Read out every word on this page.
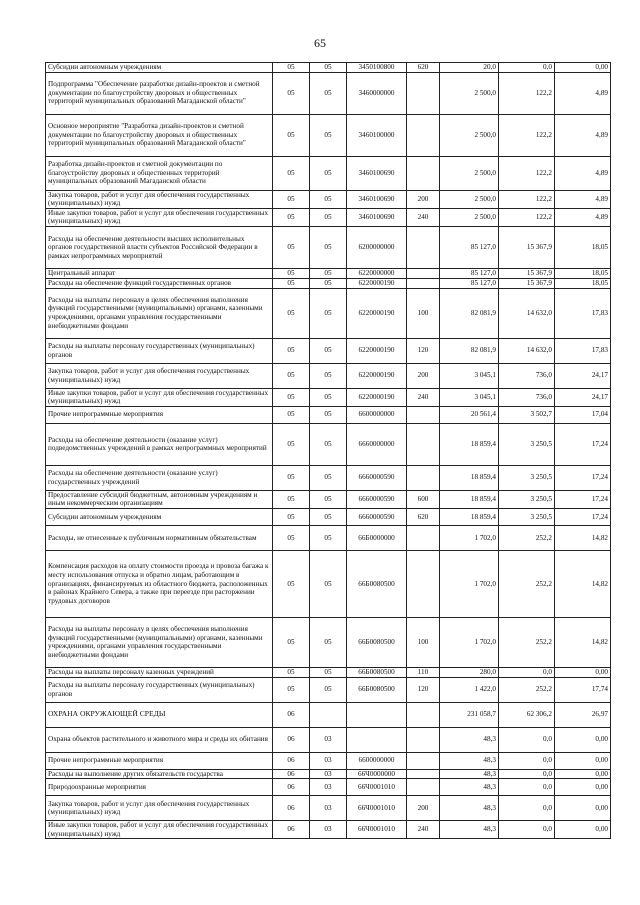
65
Субсидии автономным учреждениям	05	05	3450100800	620	20,0	0,0	0,00
Подпрограмма "Обеспечение разработки дизайн-проектов и сметной документации по благоустройству дворовых и общественных территорий муниципальных образований Магаданской области"	05	05	3460000000		2 500,0	122,2	4,89
Основное мероприятие "Разработка дизайн-проектов и сметной документации по благоустройству дворовых и общественных территорий муниципальных образований Магаданской области"	05	05	3460100000		2 500,0	122,2	4,89
Разработка дизайн-проектов и сметной документации по благоустройству дворовых и общественных территорий муниципальных образований Магаданской области	05	05	3460100690		2 500,0	122,2	4,89
Закупка товаров, работ и услуг для обеспечения государственных (муниципальных) нужд	05	05	3460100690	200	2 500,0	122,2	4,89
Иные закупки товаров, работ и услуг для обеспечения государственных (муниципальных) нужд	05	05	3460100690	240	2 500,0	122,2	4,89
Расходы на обеспечение деятельности высших исполнительных органов государственной власти субъектов Российской Федерации в рамках непрограммных мероприятий	05	05	6200000000		85 127,0	15 367,9	18,05
Центральный аппарат	05	05	6220000000		85 127,0	15 367,9	18,05
Расходы на обеспечение функций государственных органов	05	05	6220000190		85 127,0	15 367,9	18,05
Расходы на выплаты персоналу в целях обеспечения выполнения функций государственными (муниципальными) органами, казенными учреждениями, органами управления государственными внебюджетными фондами	05	05	6220000190	100	82 081,9	14 632,0	17,83
Расходы на выплаты персоналу государственных (муниципальных) органов	05	05	6220000190	120	82 081,9	14 632,0	17,83
Закупка товаров, работ и услуг для обеспечения государственных (муниципальных) нужд	05	05	6220000190	200	3 045,1	736,0	24,17
Иные закупки товаров, работ и услуг для обеспечения государственных (муниципальных) нужд	05	05	6220000190	240	3 045,1	736,0	24,17
Прочие непрограммные мероприятия	05	05	6600000000		20 561,4	3 502,7	17,04
Расходы на обеспечение деятельности (оказание услуг) подведомственных учреждений в рамках непрограммных мероприятий	05	05	6660000000		18 859,4	3 250,5	17,24
Расходы на обеспечение деятельности (оказание услуг) государственных учреждений	05	05	6660000590		18 859,4	3 250,5	17,24
Предоставление субсидий бюджетным, автономным учреждениям и иным некоммерческим организациям	05	05	6660000590	600	18 859,4	3 250,5	17,24
Субсидии автономным учреждениям	05	05	6660000590	620	18 859,4	3 250,5	17,24
Расходы, не отнесенные к публичным нормативным обязательствам	05	05	66Б0000000		1 702,0	252,2	14,82
Компенсация расходов на оплату стоимости проезда и провоза багажа к месту использования отпуска и обратно лицам, работающим в организациях, финансируемых из областного бюджета, расположенных в районах Крайнего Севера, а также при переезде при расторжении трудовых договоров	05	05	66Б0080500		1 702,0	252,2	14,82
Расходы на выплаты персоналу в целях обеспечения выполнения функций государственными (муниципальными) органами, казенными учреждениями, органами управления государственными внебюджетными фондами	05	05	66Б0080500	100	1 702,0	252,2	14,82
Расходы на выплаты персоналу казенных учреждений	05	05	66Б0080500	110	280,0	0,0	0,00
Расходы на выплаты персоналу государственных (муниципальных) органов	05	05	66Б0080500	120	1 422,0	252,2	17,74
ОХРАНА ОКРУЖАЮЩЕЙ СРЕДЫ	06				231 058,7	62 306,2	26,97
Охрана объектов растительного и животного мира и среды их обитания	06	03			48,3	0,0	0,00
Прочие непрограммные мероприятия	06	03	6600000000		48,3	0,0	0,00
Расходы на выполнение других обязательств государства	06	03	66Ч0000000		48,3	0,0	0,00
Природоохранные мероприятия	06	03	66Ч0001010		48,3	0,0	0,00
Закупка товаров, работ и услуг для обеспечения государственных (муниципальных) нужд	06	03	66Ч0001010	200	48,3	0,0	0,00
Иные закупки товаров, работ и услуг для обеспечения государственных (муниципальных) нужд	06	03	66Ч0001010	240	48,3	0,0	0,00
